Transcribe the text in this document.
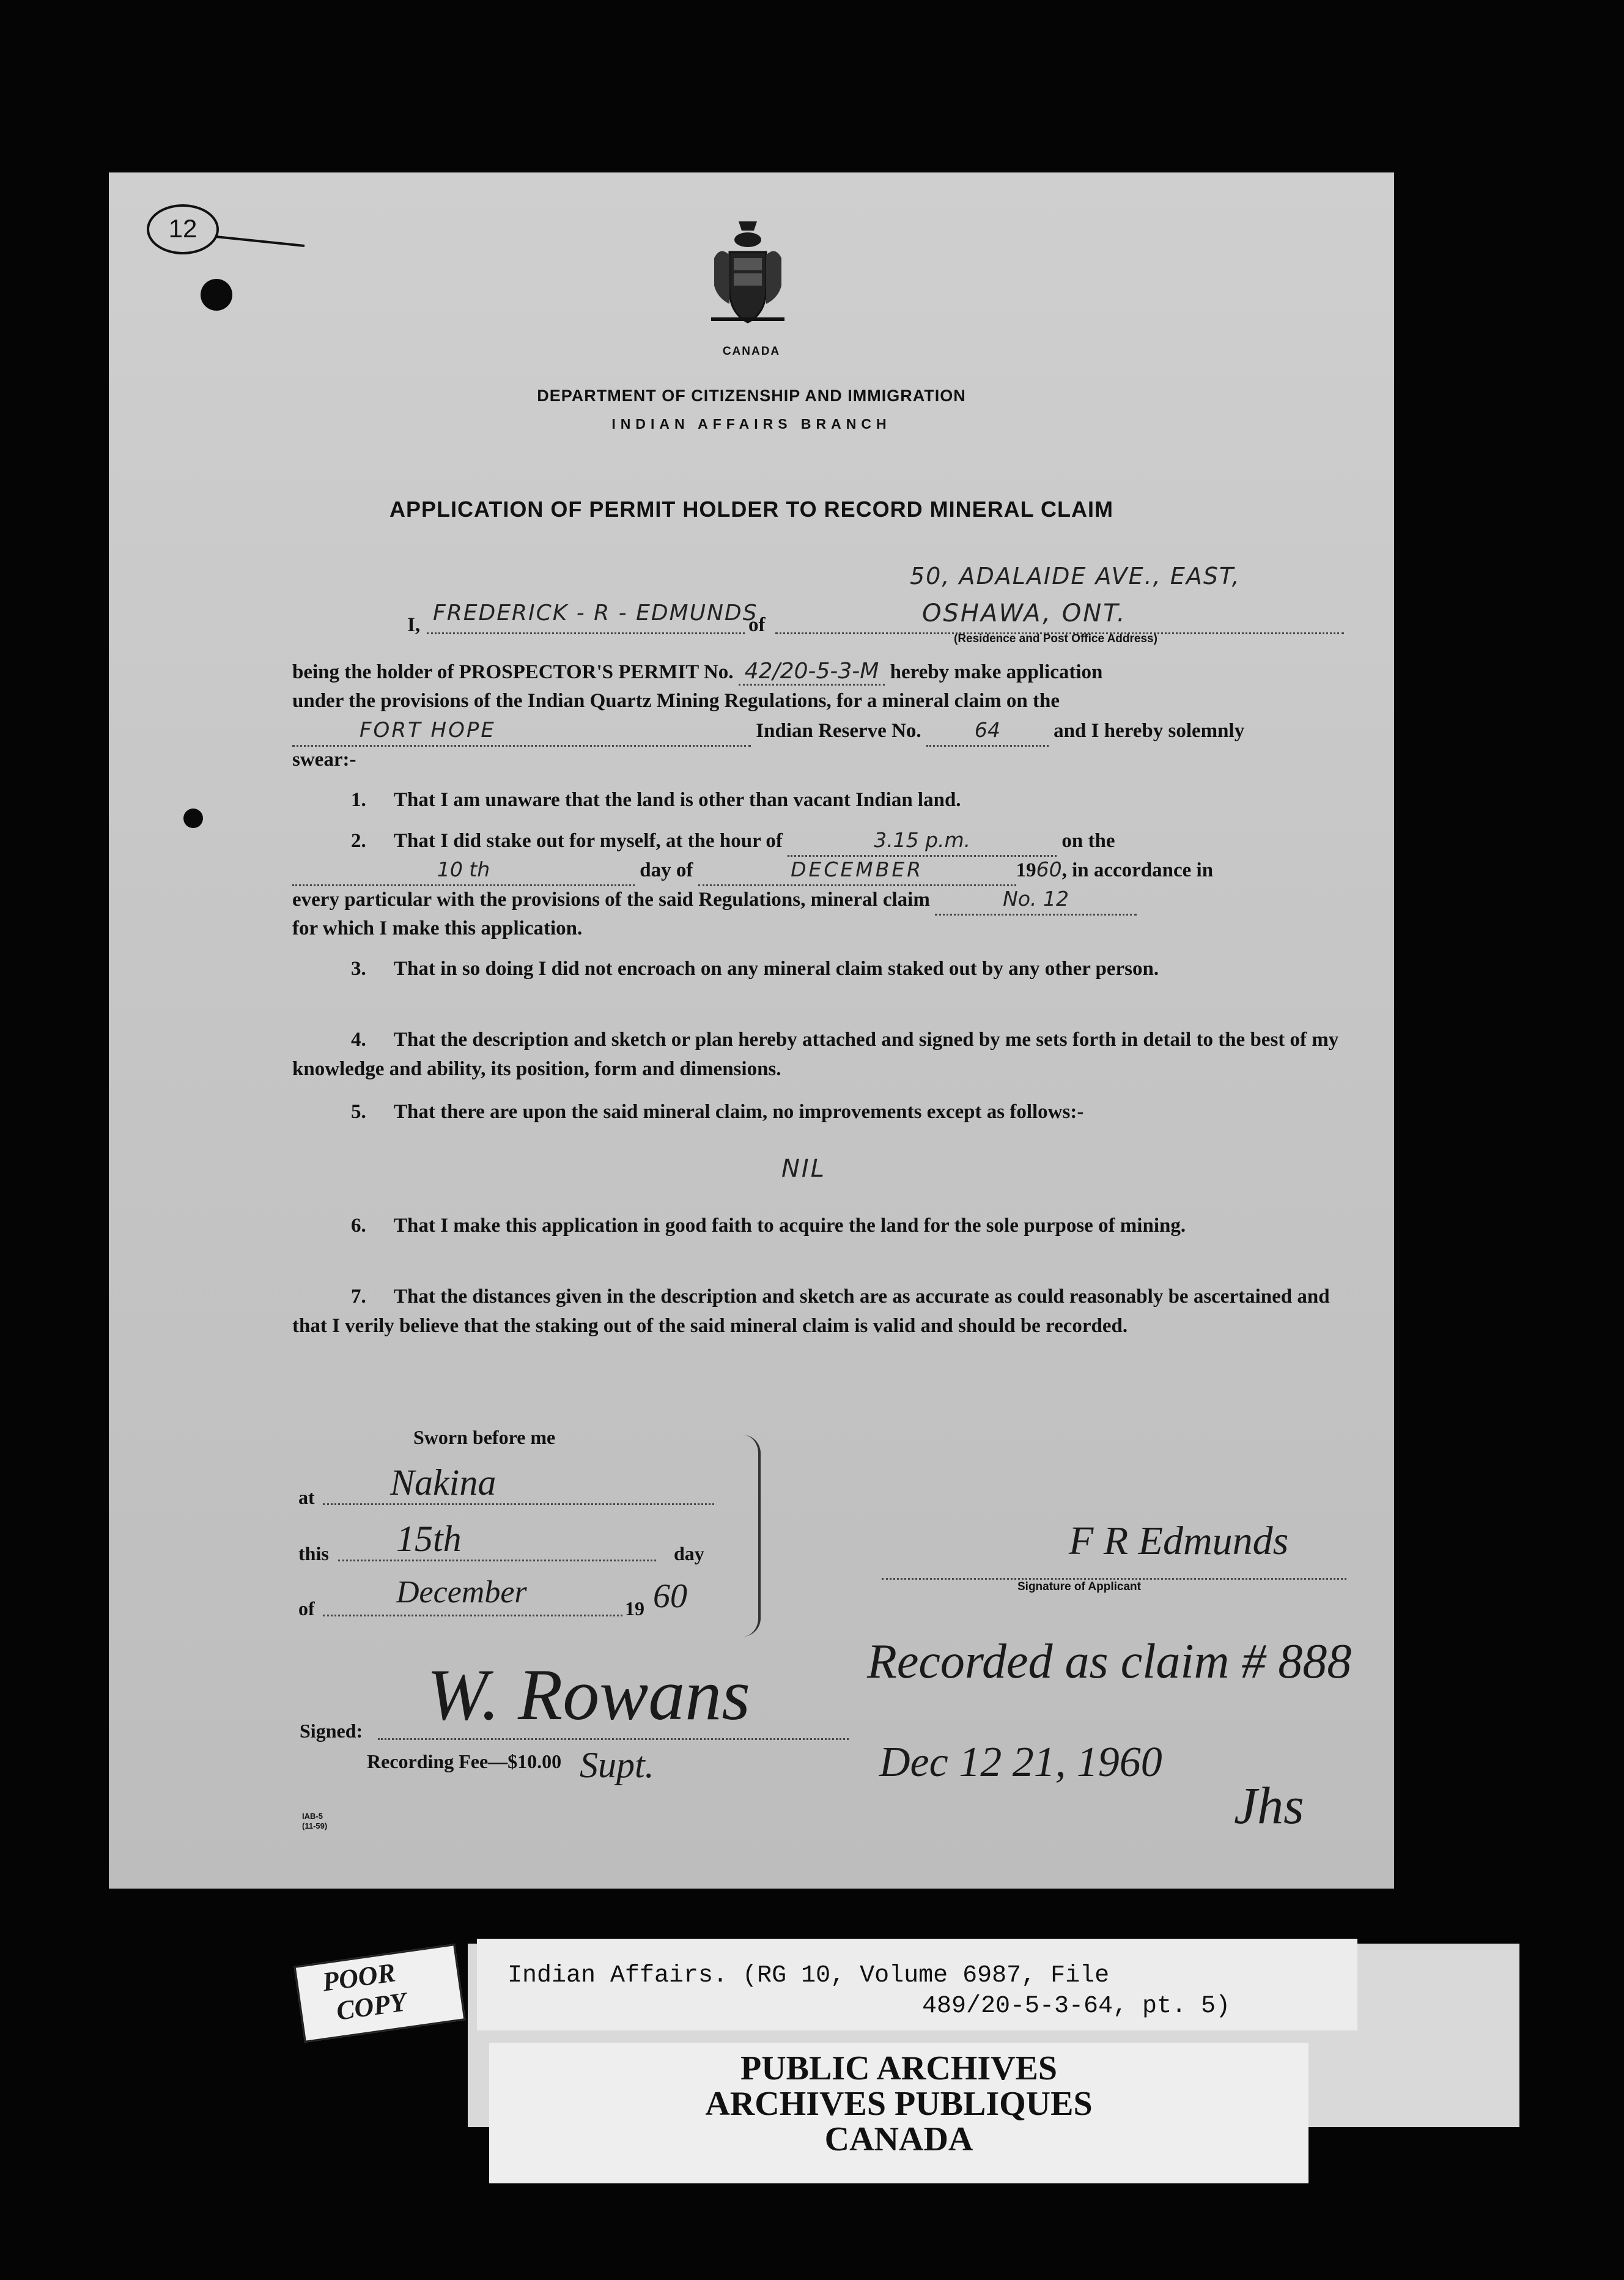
12
CANADA
DEPARTMENT OF CITIZENSHIP AND IMMIGRATION
INDIAN AFFAIRS BRANCH
APPLICATION OF PERMIT HOLDER TO RECORD MINERAL CLAIM
I, FREDERICK - R - EDMUNDS
of
50, ADALAIDE AVE., EAST,
OSHAWA, ONT.
(Residence and Post Office Address)
being the holder of PROSPECTOR'S PERMIT No. 42/20-5-3-M hereby make application
under the provisions of the Indian Quartz Mining Regulations, for a mineral claim on the
FORT HOPE	Indian Reserve No.	64	and I hereby solemnly
swear:-
1. That I am unaware that the land is other than vacant Indian land.
2. That I did stake out for myself, at the hour of	3.15 p.m.	on the
10 th	day of	DECEMBER	1960, in accordance in
every particular with the provisions of the said Regulations, mineral claim	No. 12
for which I make this application.
3. That in so doing I did not encroach on any mineral claim staked out by any other person.
4. That the description and sketch or plan hereby attached and signed by me sets forth in detail to the best of my knowledge and ability, its position, form and dimensions.
5. That there are upon the said mineral claim, no improvements except as follows:-
NIL
6. That I make this application in good faith to acquire the land for the sole purpose of mining.
7. That the distances given in the description and sketch are as accurate as could reasonably be ascertained and that I verily believe that the staking out of the said mineral claim is valid and should be recorded.
Sworn before me
at Nakina
this 15th	day
of	December	19 60
F R Edmunds
Signature of Applicant
Signed: W. Rowans
Recording Fee—$10.00 Supt.
IAB-5
(11-59)
Recorded as claim # 888
Dec 12 21, 1960
Jhs
Indian Affairs. (RG 10, Volume 6987, File
489/20-5-3-64, pt. 5)
POOR
COPY
PUBLIC ARCHIVES
ARCHIVES PUBLIQUES
CANADA
